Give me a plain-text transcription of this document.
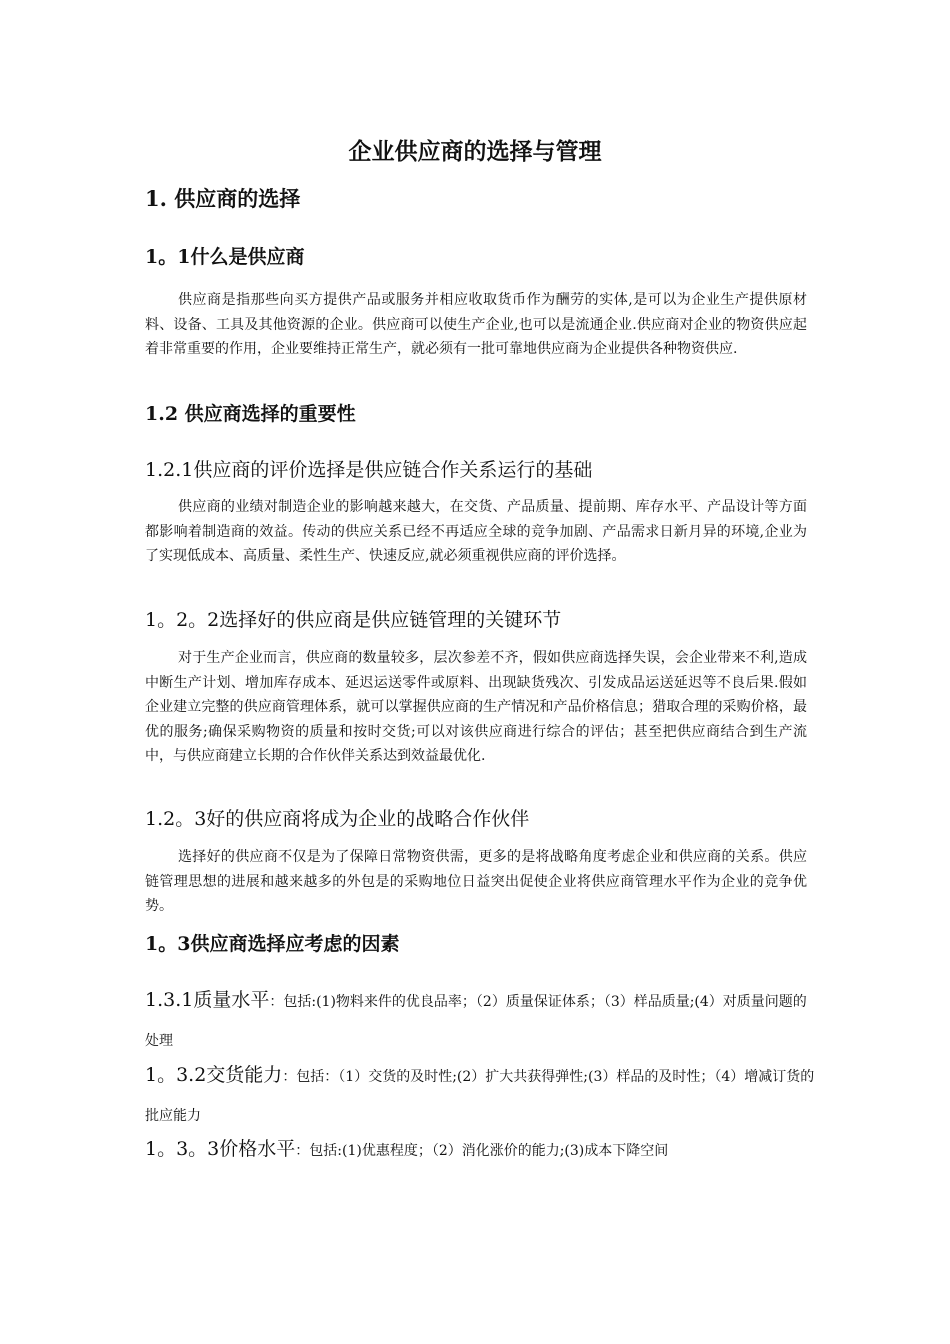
企业供应商的选择与管理
1. 供应商的选择
1。1什么是供应商

供应商是指那些向买方提供产品或服务并相应收取货币作为酬劳的实体,是可以为企业生产提供原材料、设备、工具及其他资源的企业。供应商可以使生产企业,也可以是流通企业.供应商对企业的物资供应起着非常重要的作用，企业要维持正常生产，就必须有一批可靠地供应商为企业提供各种物资供应.

1.2 供应商选择的重要性
1.2.1供应商的评价选择是供应链合作关系运行的基础

供应商的业绩对制造企业的影响越来越大，在交货、产品质量、提前期、库存水平、产品设计等方面都影响着制造商的效益。传动的供应关系已经不再适应全球的竞争加剧、产品需求日新月异的环境,企业为了实现低成本、高质量、柔性生产、快速反应,就必须重视供应商的评价选择。

1。2。2选择好的供应商是供应链管理的关键环节

对于生产企业而言，供应商的数量较多，层次参差不齐，假如供应商选择失误，会企业带来不利,造成中断生产计划、增加库存成本、延迟运送零件或原料、出现缺货残次、引发成品运送延迟等不良后果.假如企业建立完整的供应商管理体系，就可以掌握供应商的生产情况和产品价格信息；猎取合理的采购价格，最优的服务;确保采购物资的质量和按时交货;可以对该供应商进行综合的评估；甚至把供应商结合到生产流中，与供应商建立长期的合作伙伴关系达到效益最优化.

1.2。3好的供应商将成为企业的战略合作伙伴

选择好的供应商不仅是为了保障日常物资供需，更多的是将战略角度考虑企业和供应商的关系。供应链管理思想的进展和越来越多的外包是的采购地位日益突出促使企业将供应商管理水平作为企业的竞争优势。

1。3供应商选择应考虑的因素

1.3.1质量水平：包括:(1)物料来件的优良品率；（2）质量保证体系；（3）样品质量;(4）对质量问题的处理

1。3.2交货能力：包括：（1）交货的及时性;(2）扩大共获得弹性;(3）样品的及时性；（4）增减订货的批应能力

1。3。3价格水平：包括:(1)优惠程度；（2）消化涨价的能力;(3)成本下降空间
